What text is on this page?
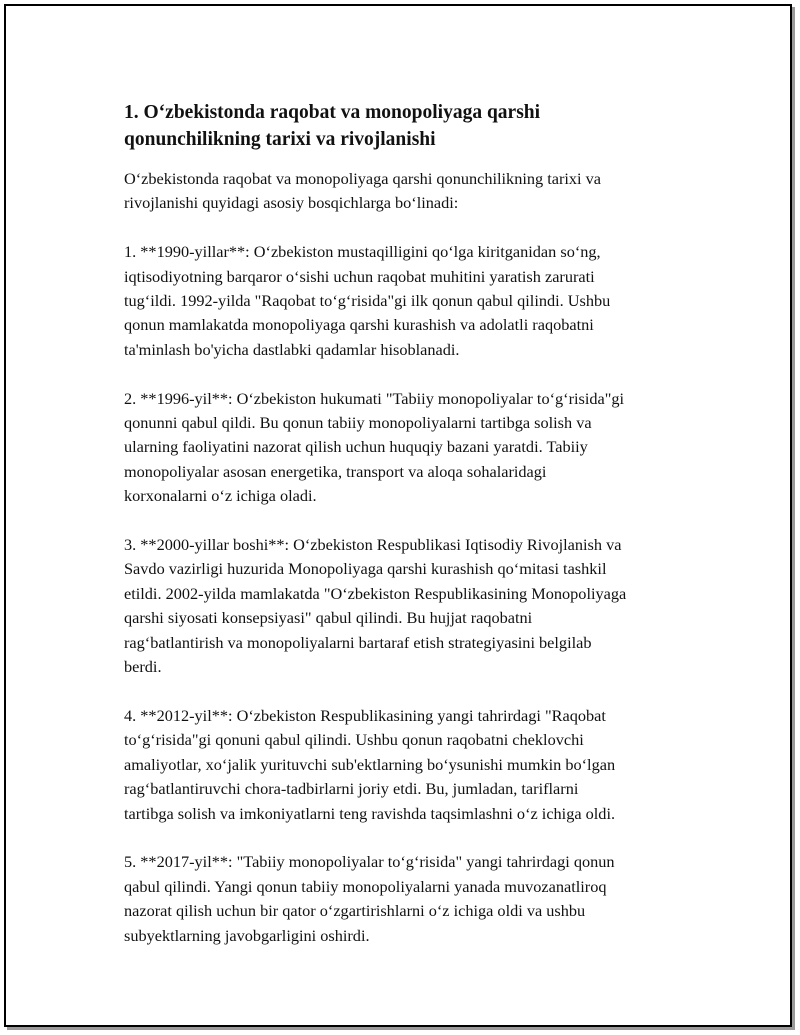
1. O‘zbekistonda raqobat va monopoliyaga qarshi
qonunchilikning tarixi va rivojlanishi

O‘zbekistonda raqobat va monopoliyaga qarshi qonunchilikning tarixi va
rivojlanishi quyidagi asosiy bosqichlarga bo‘linadi:

1. **1990-yillar**: O‘zbekiston mustaqilligini qo‘lga kiritganidan so‘ng,
iqtisodiyotning barqaror o‘sishi uchun raqobat muhitini yaratish zarurati
tug‘ildi. 1992-yilda "Raqobat to‘g‘risida"gi ilk qonun qabul qilindi. Ushbu
qonun mamlakatda monopoliyaga qarshi kurashish va adolatli raqobatni
ta'minlash bo'yicha dastlabki qadamlar hisoblanadi.

2. **1996-yil**: O‘zbekiston hukumati "Tabiiy monopoliyalar to‘g‘risida"gi
qonunni qabul qildi. Bu qonun tabiiy monopoliyalarni tartibga solish va
ularning faoliyatini nazorat qilish uchun huquqiy bazani yaratdi. Tabiiy
monopoliyalar asosan energetika, transport va aloqa sohalaridagi
korxonalarni o‘z ichiga oladi.

3. **2000-yillar boshi**: O‘zbekiston Respublikasi Iqtisodiy Rivojlanish va
Savdo vazirligi huzurida Monopoliyaga qarshi kurashish qo‘mitasi tashkil
etildi. 2002-yilda mamlakatda "O‘zbekiston Respublikasining Monopoliyaga
qarshi siyosati konsepsiyasi" qabul qilindi. Bu hujjat raqobatni
rag‘batlantirish va monopoliyalarni bartaraf etish strategiyasini belgilab
berdi.

4. **2012-yil**: O‘zbekiston Respublikasining yangi tahrirdagi "Raqobat
to‘g‘risida"gi qonuni qabul qilindi. Ushbu qonun raqobatni cheklovchi
amaliyotlar, xo‘jalik yurituvchi sub'ektlarning bo‘ysunishi mumkin bo‘lgan
rag‘batlantiruvchi chora-tadbirlarni joriy etdi. Bu, jumladan, tariflarni
tartibga solish va imkoniyatlarni teng ravishda taqsimlashni o‘z ichiga oldi.

5. **2017-yil**: "Tabiiy monopoliyalar to‘g‘risida" yangi tahrirdagi qonun
qabul qilindi. Yangi qonun tabiiy monopoliyalarni yanada muvozanatliroq
nazorat qilish uchun bir qator o‘zgartirishlarni o‘z ichiga oldi va ushbu
subyektlarning javobgarligini oshirdi.
